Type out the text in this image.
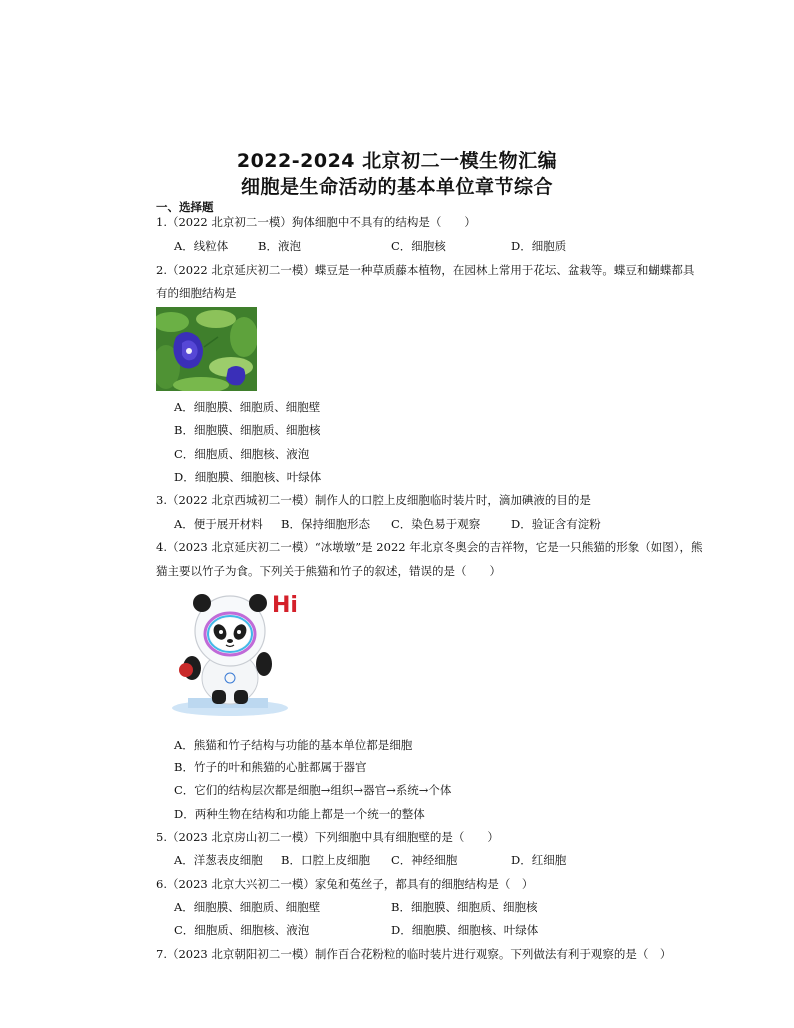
2022-2024 北京初二一模生物汇编
细胞是生命活动的基本单位章节综合
一、选择题
1.（2022 北京初二一模）狗体细胞中不具有的结构是（　　）
A．线粒体	B．液泡	C．细胞核	D．细胞质
2.（2022 北京延庆初二一模）蝶豆是一种草质藤本植物，在园林上常用于花坛、盆栽等。蝶豆和蝴蝶都具
有的细胞结构是
A．细胞膜、细胞质、细胞壁
B．细胞膜、细胞质、细胞核
C．细胞质、细胞核、液泡
D．细胞膜、细胞核、叶绿体
3.（2022 北京西城初二一模）制作人的口腔上皮细胞临时装片时，滴加碘液的目的是
A．便于展开材料 B．保持细胞形态 C．染色易于观察	D．验证含有淀粉
4.（2023 北京延庆初二一模）“冰墩墩”是 2022 年北京冬奥会的吉祥物，它是一只熊猫的形象（如图），熊
猫主要以竹子为食。下列关于熊猫和竹子的叙述，错误的是（　　）
Hi
A．熊猫和竹子结构与功能的基本单位都是细胞
B．竹子的叶和熊猫的心脏都属于器官
C．它们的结构层次都是细胞→组织→器官→系统→个体
D．两种生物在结构和功能上都是一个统一的整体
5.（2023 北京房山初二一模）下列细胞中具有细胞壁的是（　　）
A．洋葱表皮细胞 B．口腔上皮细胞 C．神经细胞	D．红细胞
6.（2023 北京大兴初二一模）家兔和菟丝子，都具有的细胞结构是（　）
A．细胞膜、细胞质、细胞壁	B．细胞膜、细胞质、细胞核
C．细胞质、细胞核、液泡	D．细胞膜、细胞核、叶绿体
7.（2023 北京朝阳初二一模）制作百合花粉粒的临时装片进行观察。下列做法有利于观察的是（　）
